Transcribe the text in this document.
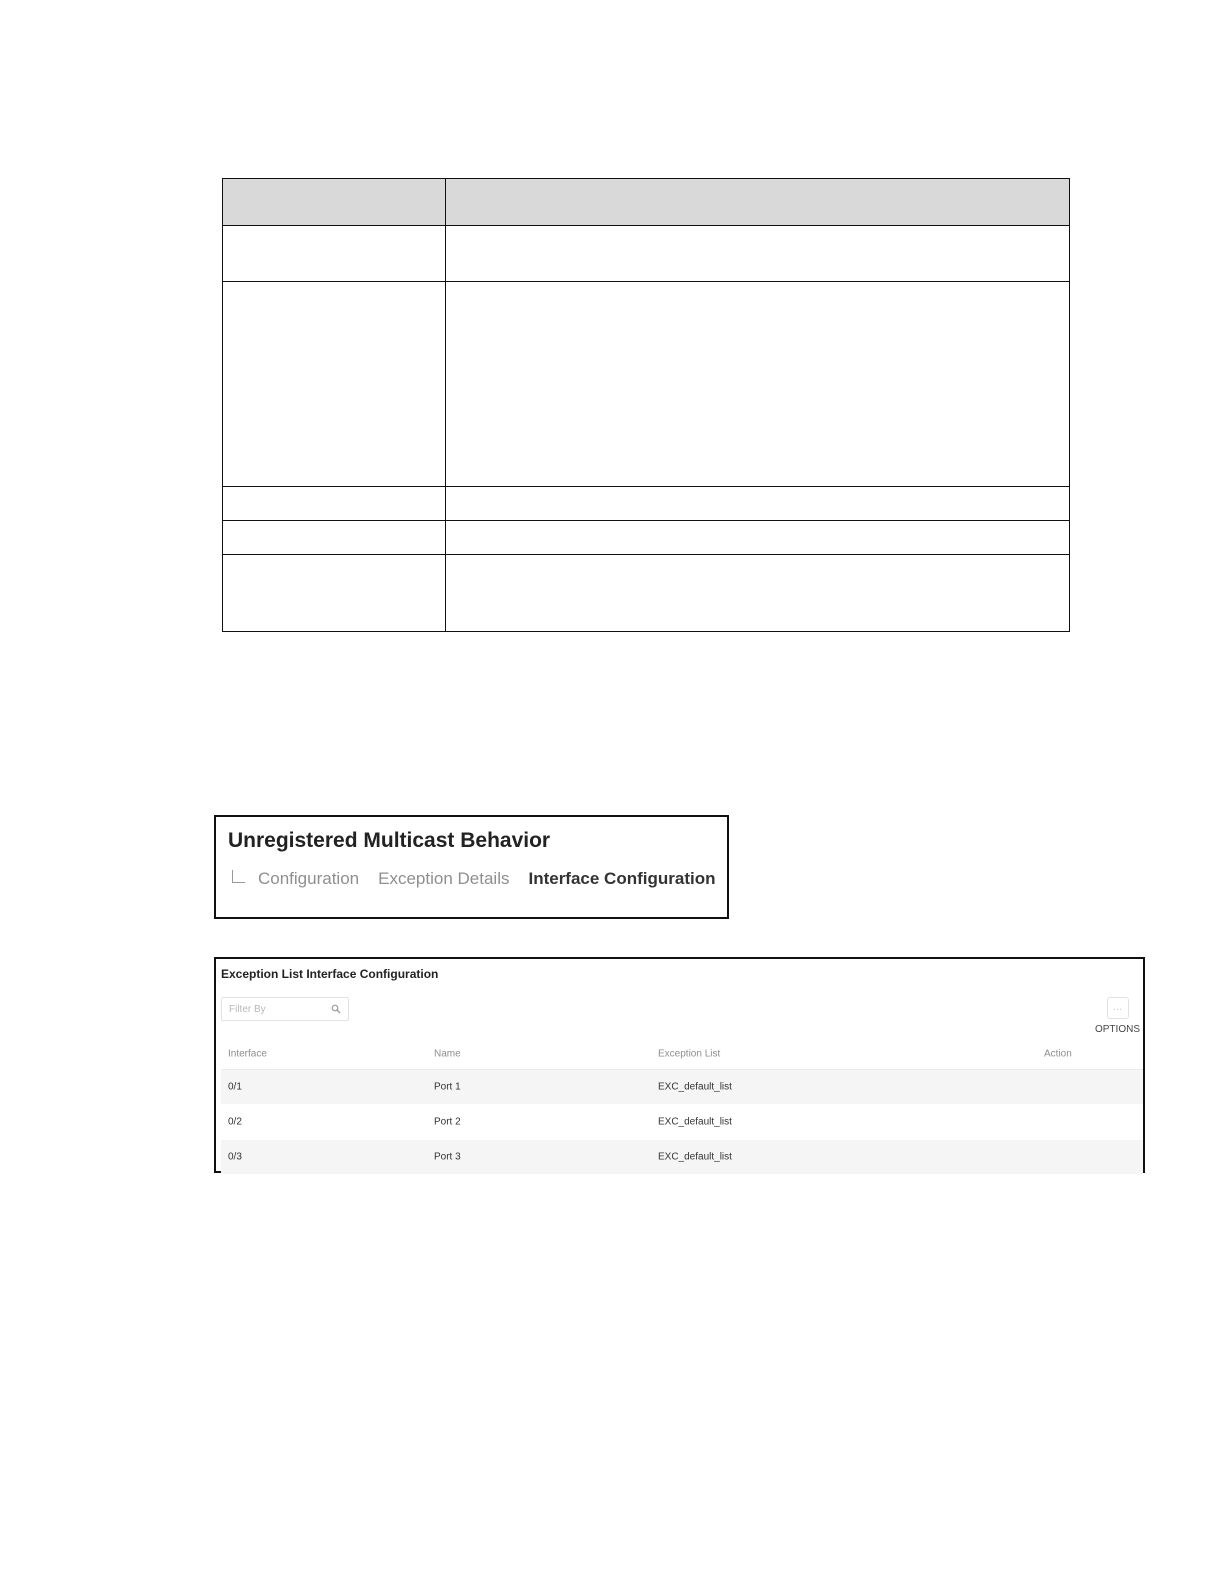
Unregistered Multicast Behavior
Configuration Exception Details Interface Configuration
Exception List Interface Configuration
Filter By	…
OPTIONS
Interface	Name	Exception List	Action
0/1	Port 1	EXC_default_list
0/2	Port 2	EXC_default_list
0/3	Port 3	EXC_default_list
